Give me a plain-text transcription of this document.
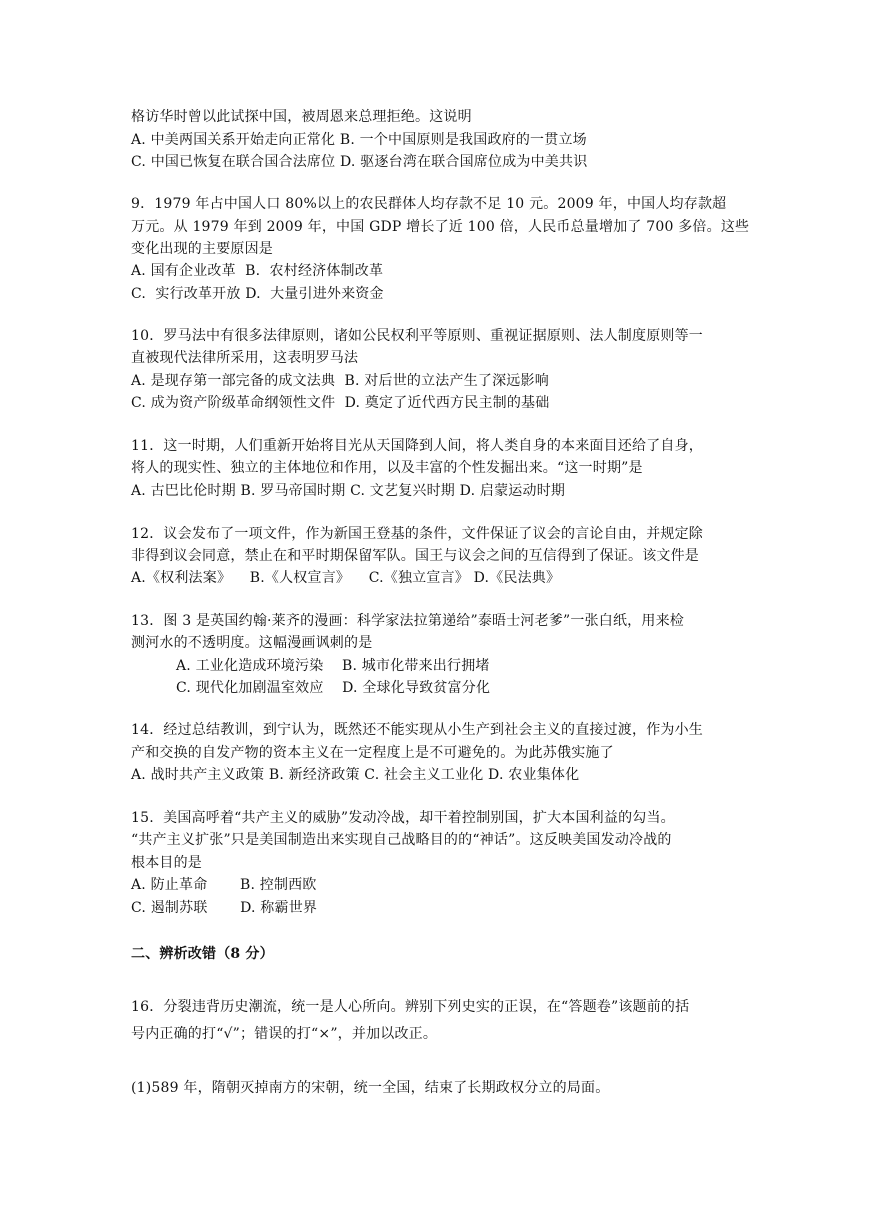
格访华时曾以此试探中国，被周恩来总理拒绝。这说明
A. 中美两国关系开始走向正常化 B. 一个中国原则是我国政府的一贯立场
C. 中国已恢复在联合国合法席位 D. 驱逐台湾在联合国席位成为中美共识
9．1979 年占中国人口 80%以上的农民群体人均存款不足 10 元。2009 年，中国人均存款超
万元。从 1979 年到 2009 年，中国 GDP 增长了近 100 倍，人民币总量增加了 700 多倍。这些
变化出现的主要原因是
A. 国有企业改革  B.  农村经济体制改革
C.  实行改革开放 D.  大量引进外来资金
10．罗马法中有很多法律原则，诸如公民权利平等原则、重视证据原则、法人制度原则等一
直被现代法律所采用，这表明罗马法
A. 是现存第一部完备的成文法典  B. 对后世的立法产生了深远影响
C. 成为资产阶级革命纲领性文件  D. 奠定了近代西方民主制的基础
11．这一时期，人们重新开始将目光从天国降到人间，将人类自身的本来面目还给了自身，
将人的现实性、独立的主体地位和作用，以及丰富的个性发掘出来。“这一时期”是
A. 古巴比伦时期 B. 罗马帝国时期 C. 文艺复兴时期 D. 启蒙运动时期
12．议会发布了一项文件，作为新国王登基的条件，文件保证了议会的言论自由，并规定除
非得到议会同意，禁止在和平时期保留军队。国王与议会之间的互信得到了保证。该文件是
A.《权利法案》    B.《人权宣言》    C.《独立宣言》 D.《民法典》
13．图 3 是英国约翰·莱齐的漫画：科学家法拉第递给”泰晤士河老爹”一张白纸，用来检
测河水的不透明度。这幅漫画讽刺的是
A. 工业化造成环境污染    B. 城市化带来出行拥堵
C. 现代化加剧温室效应    D. 全球化导致贫富分化
14．经过总结教训，到宁认为，既然还不能实现从小生产到社会主义的直接过渡，作为小生
产和交换的自发产物的资本主义在一定程度上是不可避免的。为此苏俄实施了
A. 战时共产主义政策 B. 新经济政策 C. 社会主义工业化 D. 农业集体化
15.  美国高呼着“共产主义的威胁”发动冷战，却干着控制别国，扩大本国利益的勾当。
“共产主义扩张”只是美国制造出来实现自己战略目的的“神话”。这反映美国发动冷战的
根本目的是
A. 防止革命       B. 控制西欧
C. 遏制苏联       D. 称霸世界
二、辨析改错（8 分）
16．分裂违背历史潮流，统一是人心所向。辨别下列史实的正误，在“答题卷”该题前的括
号内正确的打“√”；错误的打“×”，并加以改正。
(1)589 年，隋朝灭掉南方的宋朝，统一全国，结束了长期政权分立的局面。
